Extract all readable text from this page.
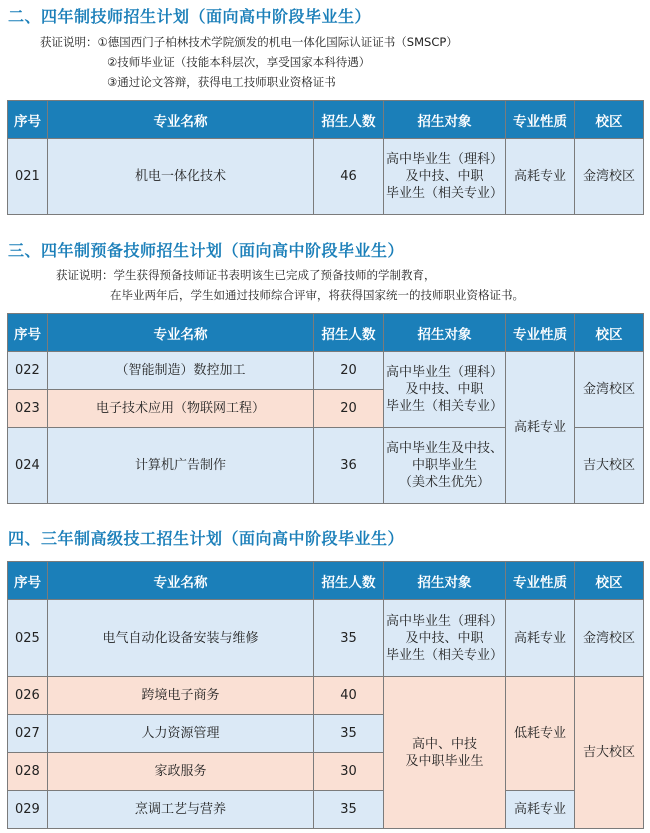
二、四年制技师招生计划（面向高中阶段毕业生）
获证说明：①德国西门子柏林技术学院颁发的机电一体化国际认证证书（SMSCP）
②技师毕业证（技能本科层次，享受国家本科待遇）
③通过论文答辩，获得电工技师职业资格证书
序号	专业名称	招生人数	招生对象	专业性质	校区
021	机电一体化技术	46	高中毕业生（理科）
及中技、中职
毕业生（相关专业）	高耗专业	金湾校区
三、四年制预备技师招生计划（面向高中阶段毕业生）
获证说明：学生获得预备技师证书表明该生已完成了预备技师的学制教育，
在毕业两年后，学生如通过技师综合评审，将获得国家统一的技师职业资格证书。
序号	专业名称	招生人数	招生对象	专业性质	校区
022	（智能制造）数控加工	20	高中毕业生（理科）
及中技、中职
毕业生（相关专业）	高耗专业	金湾校区
023	电子技术应用（物联网工程）	20			
024	计算机广告制作	36	高中毕业生及中技、
中职毕业生
（美术生优先）		吉大校区
四、三年制高级技工招生计划（面向高中阶段毕业生）
序号	专业名称	招生人数	招生对象	专业性质	校区
025	电气自动化设备安装与维修	35	高中毕业生（理科）
及中技、中职
毕业生（相关专业）	高耗专业	金湾校区
026	跨境电子商务	40	高中、中技
及中职毕业生	低耗专业	吉大校区
027	人力资源管理	35			
028	家政服务	30			
029	烹调工艺与营养	35		高耗专业	
